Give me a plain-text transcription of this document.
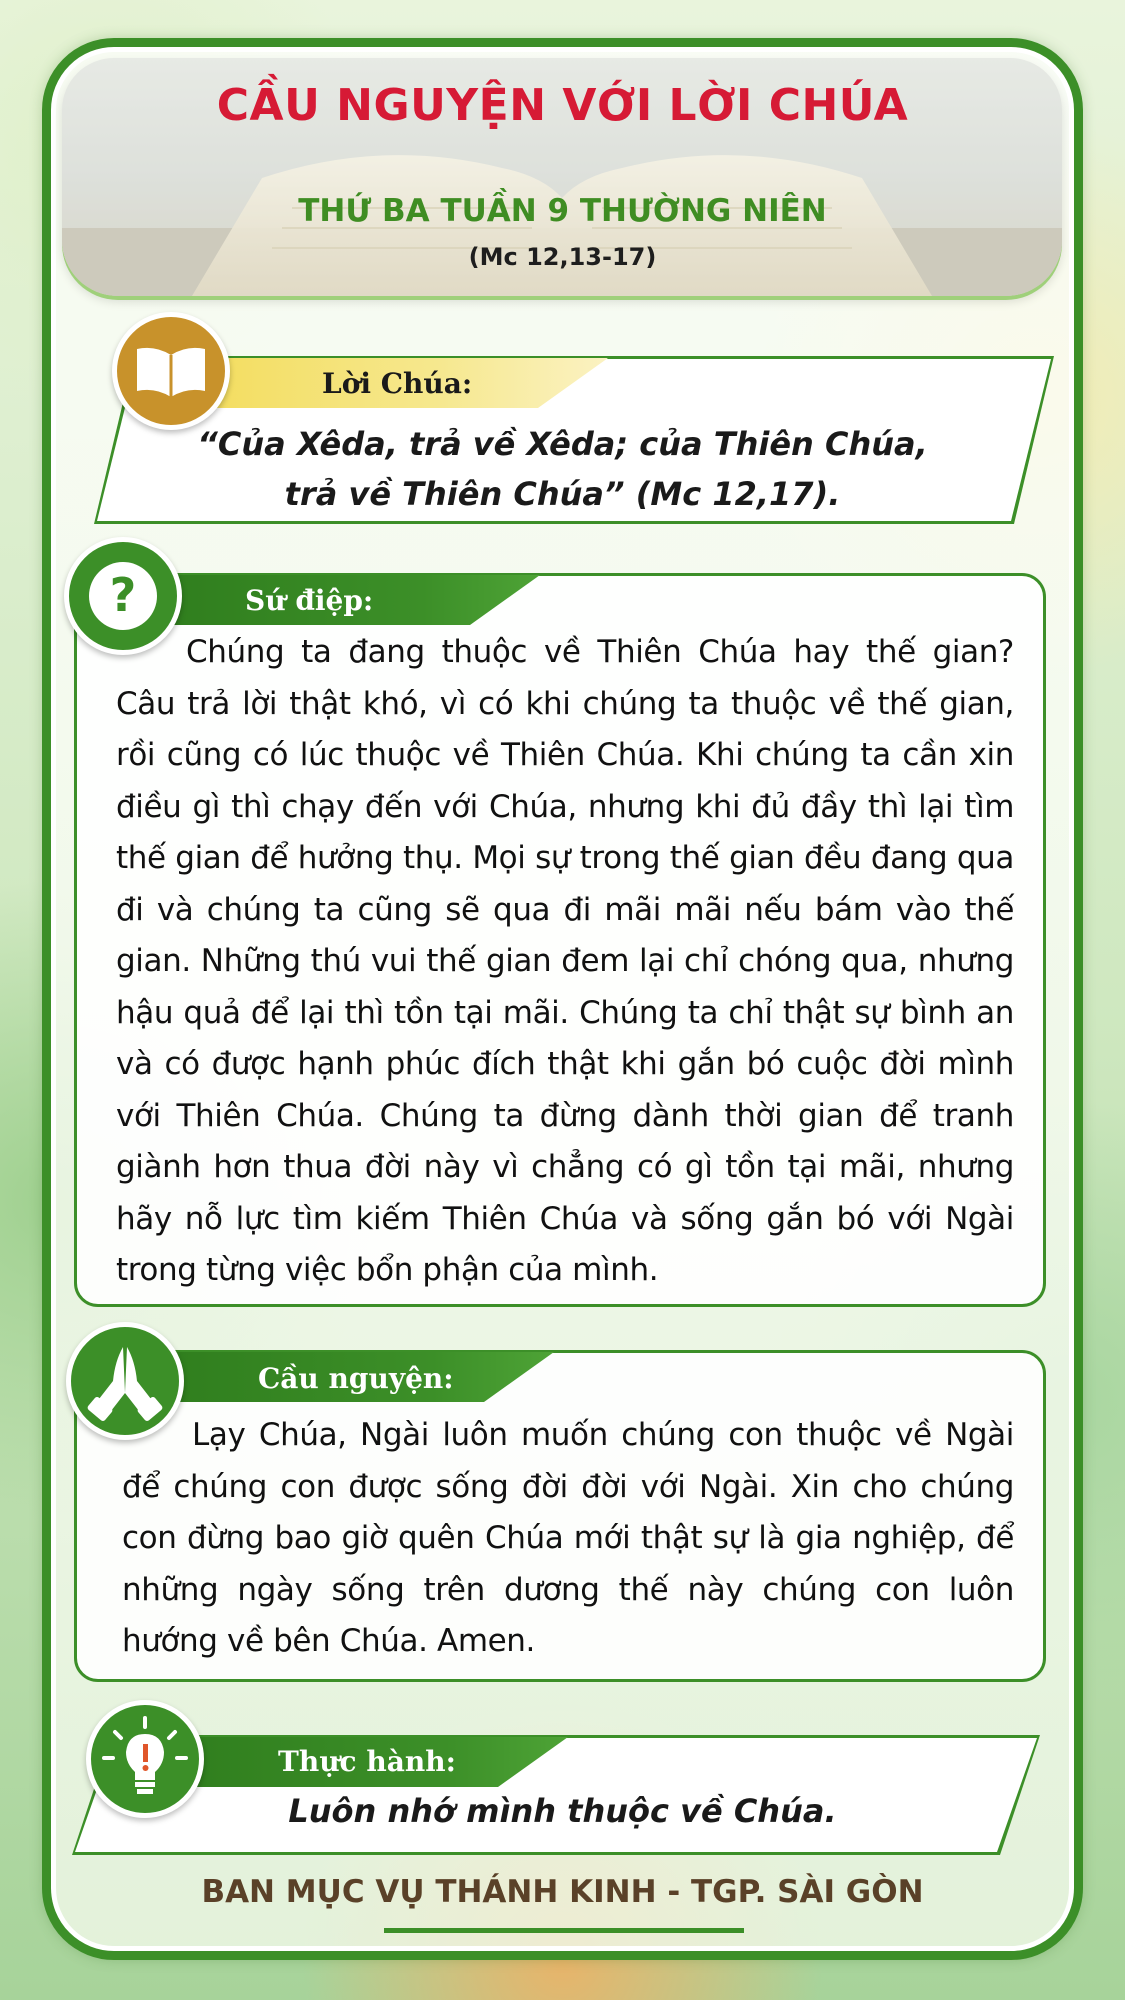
CẦU NGUYỆN VỚI LỜI CHÚA
THỨ BA TUẦN 9 THƯỜNG NIÊN
(Mc 12,13-17)
Lời Chúa:
“Của Xêda, trả về Xêda; của Thiên Chúa,
trả về Thiên Chúa” (Mc 12,17).
Sứ điệp:
?
Chúng ta đang thuộc về Thiên Chúa hay thế gian? Câu trả lời thật khó, vì có khi chúng ta thuộc về thế gian, rồi cũng có lúc thuộc về Thiên Chúa. Khi chúng ta cần xin điều gì thì chạy đến với Chúa, nhưng khi đủ đầy thì lại tìm thế gian để hưởng thụ. Mọi sự trong thế gian đều đang qua đi và chúng ta cũng sẽ qua đi mãi mãi nếu bám vào thế gian. Những thú vui thế gian đem lại chỉ chóng qua, nhưng hậu quả để lại thì tồn tại mãi. Chúng ta chỉ thật sự bình an và có được hạnh phúc đích thật khi gắn bó cuộc đời mình với Thiên Chúa. Chúng ta đừng dành thời gian để tranh giành hơn thua đời này vì chẳng có gì tồn tại mãi, nhưng hãy nỗ lực tìm kiếm Thiên Chúa và sống gắn bó với Ngài trong từng việc bổn phận của mình.
Cầu nguyện:
Lạy Chúa, Ngài luôn muốn chúng con thuộc về Ngài để chúng con được sống đời đời với Ngài. Xin cho chúng con đừng bao giờ quên Chúa mới thật sự là gia nghiệp, để những ngày sống trên dương thế này chúng con luôn hướng về bên Chúa. Amen.
Thực hành:
Luôn nhớ mình thuộc về Chúa.
BAN MỤC VỤ THÁNH KINH - TGP. SÀI GÒN
